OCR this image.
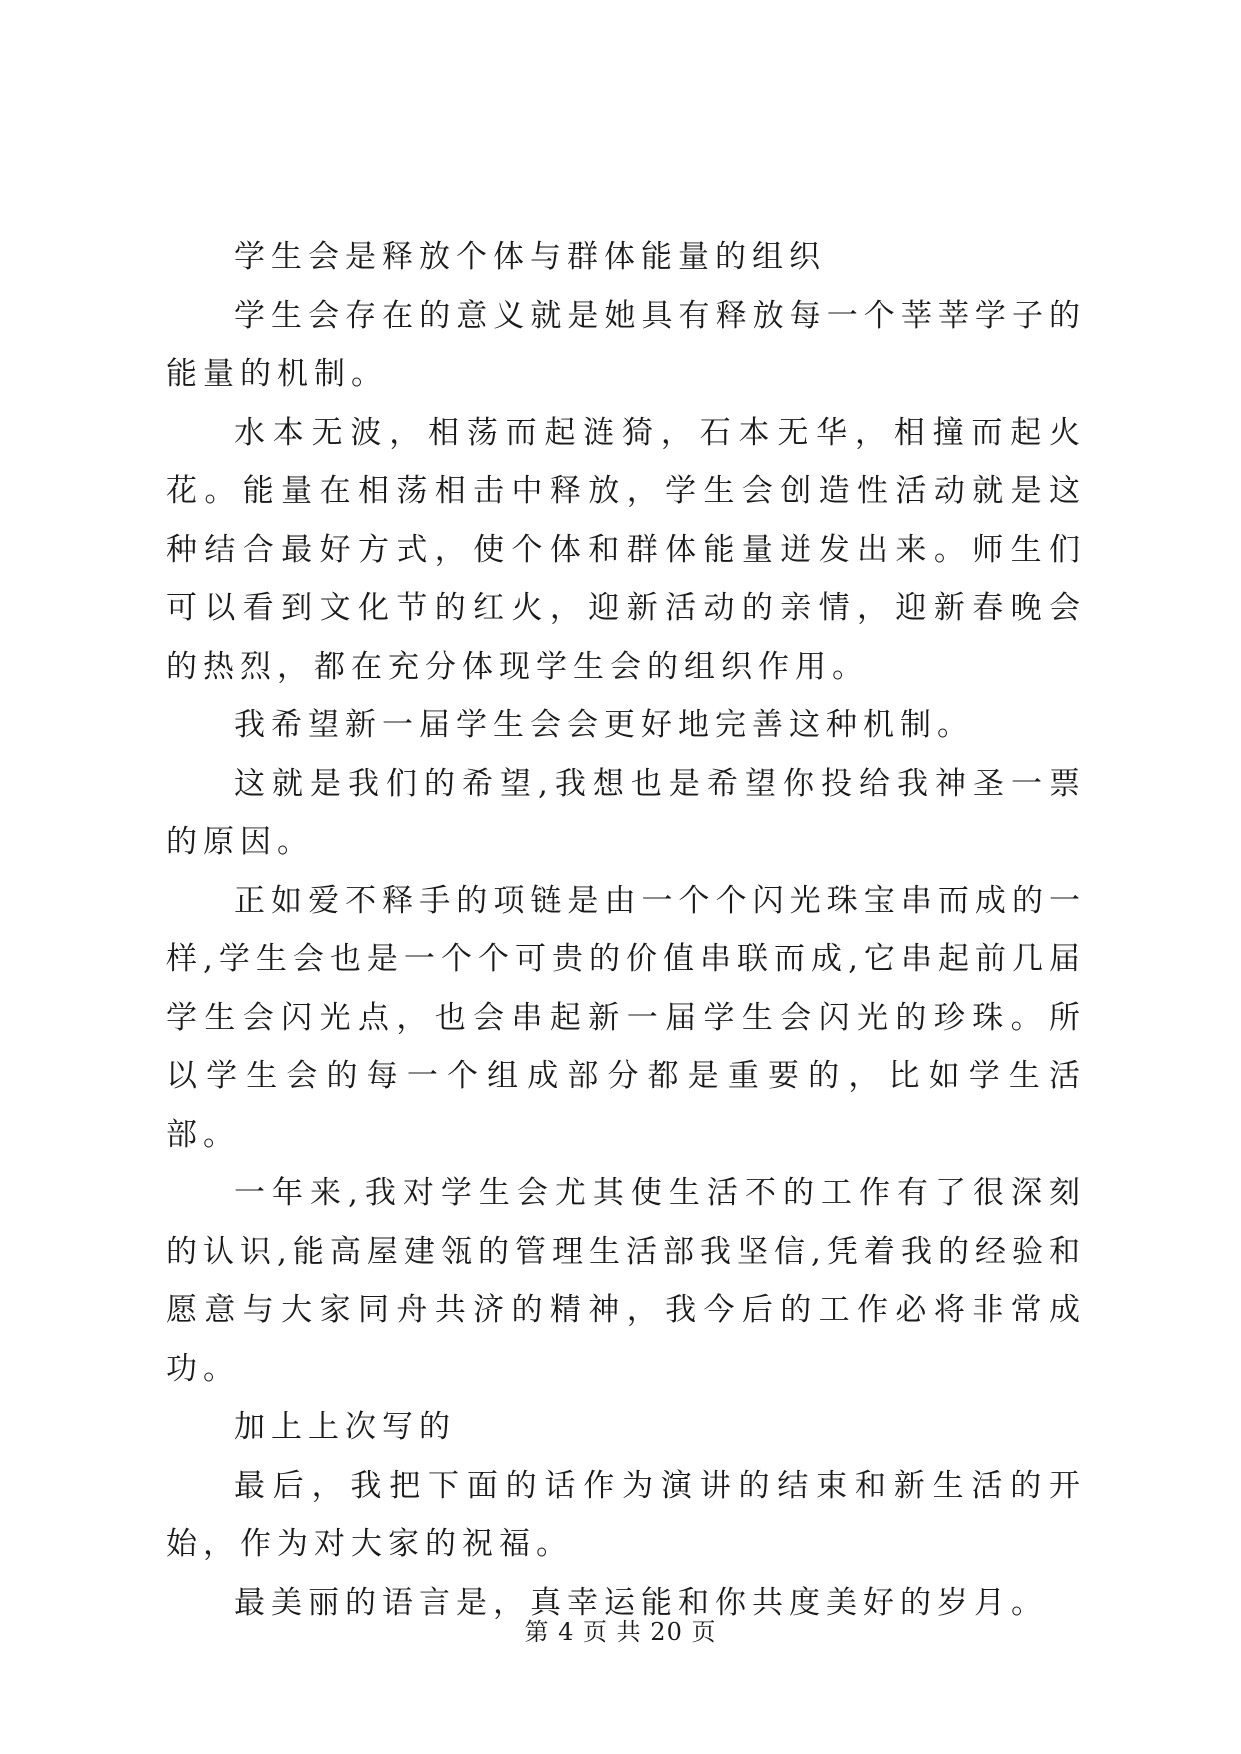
学生会是释放个体与群体能量的组织

学生会存在的意义就是她具有释放每一个莘莘学子的能量的机制。

水本无波，相荡而起涟猗，石本无华，相撞而起火花。能量在相荡相击中释放，学生会创造性活动就是这种结合最好方式，使个体和群体能量迸发出来。师生们可以看到文化节的红火，迎新活动的亲情，迎新春晚会的热烈，都在充分体现学生会的组织作用。

我希望新一届学生会会更好地完善这种机制。

这就是我们的希望,我想也是希望你投给我神圣一票的原因。

正如爱不释手的项链是由一个个闪光珠宝串而成的一样,学生会也是一个个可贵的价值串联而成,它串起前几届学生会闪光点，也会串起新一届学生会闪光的珍珠。所以学生会的每一个组成部分都是重要的，比如学生活部。

一年来,我对学生会尤其使生活不的工作有了很深刻的认识,能高屋建瓴的管理生活部我坚信,凭着我的经验和愿意与大家同舟共济的精神，我今后的工作必将非常成功。

加上上次写的

最后，我把下面的话作为演讲的结束和新生活的开始，作为对大家的祝福。

最美丽的语言是，真幸运能和你共度美好的岁月。

第 4 页 共 20 页
